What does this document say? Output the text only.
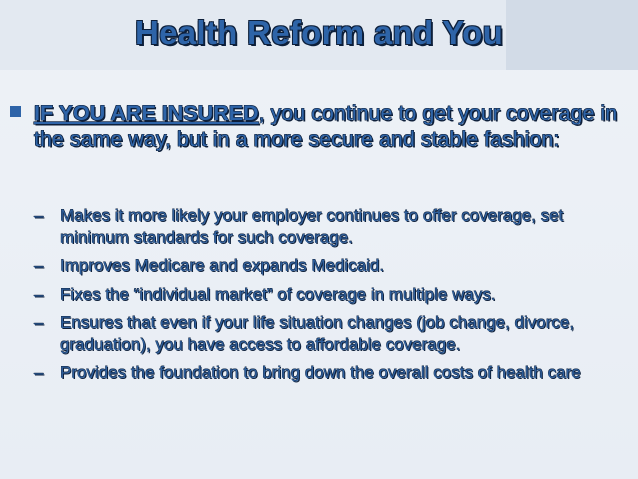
Health Reform and You
IF YOU ARE INSURED, you continue to get your coverage in the same way, but in a more secure and stable fashion:
– Makes it more likely your employer continues to offer coverage, set minimum standards for such coverage.
– Improves Medicare and expands Medicaid.
– Fixes the “individual market” of coverage in multiple ways.
– Ensures that even if your life situation changes (job change, divorce, graduation), you have access to affordable coverage.
– Provides the foundation to bring down the overall costs of health care
